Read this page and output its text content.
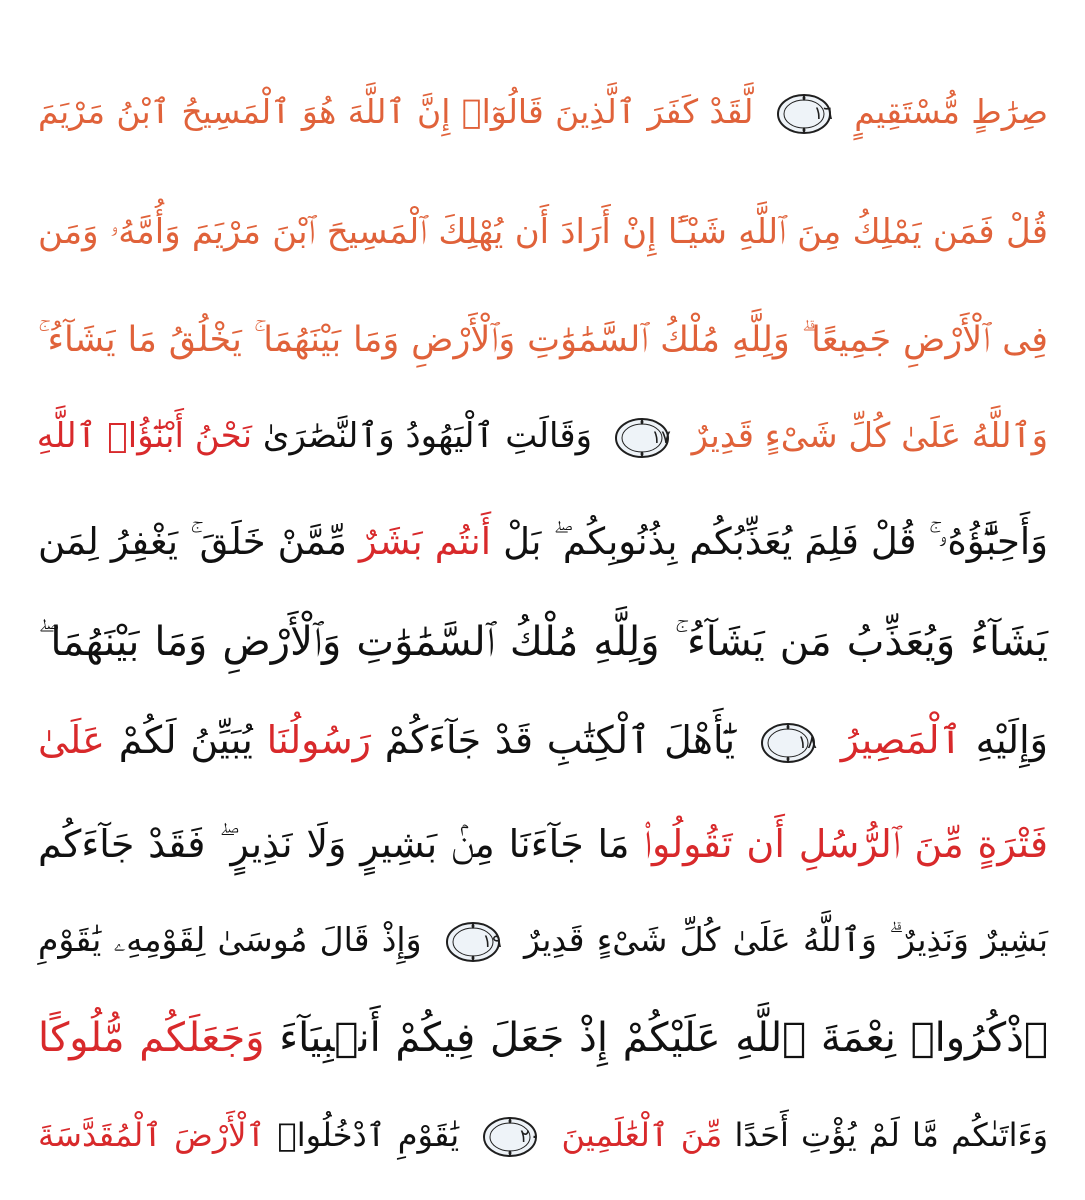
صِرَٰطٍ مُّسْتَقِيمٍ
١٦
لَّقَدْ كَفَرَ ٱلَّذِينَ قَالُوٓا۟ إِنَّ ٱللَّهَ هُوَ ٱلْمَسِيحُ ٱبْنُ مَرْيَمَ
قُلْ فَمَن يَمْلِكُ مِنَ ٱللَّهِ شَيْـًٔا إِنْ أَرَادَ أَن يُهْلِكَ ٱلْمَسِيحَ ٱبْنَ مَرْيَمَ وَأُمَّهُۥ وَمَن
فِى ٱلْأَرْضِ جَمِيعًا ۗ وَلِلَّهِ مُلْكُ ٱلسَّمَٰوَٰتِ وَٱلْأَرْضِ وَمَا بَيْنَهُمَا ۚ يَخْلُقُ مَا يَشَآءُ ۚ
وَٱللَّهُ عَلَىٰ كُلِّ شَىْءٍ قَدِيرٌ
١٧
وَقَالَتِ ٱلْيَهُودُ وَٱلنَّصَٰرَىٰ نَحْنُ أَبْنَٰٓؤُا۟ ٱللَّهِ
وَأَحِبَّٰٓؤُهُۥ ۚ قُلْ فَلِمَ يُعَذِّبُكُم بِذُنُوبِكُم ۖ بَلْ أَنتُم بَشَرٌ مِّمَّنْ خَلَقَ ۚ يَغْفِرُ لِمَن
يَشَآءُ وَيُعَذِّبُ مَن يَشَآءُ ۚ وَلِلَّهِ مُلْكُ ٱلسَّمَٰوَٰتِ وَٱلْأَرْضِ وَمَا بَيْنَهُمَا ۖ
وَإِلَيْهِ ٱلْمَصِيرُ
١٨
يَٰٓأَهْلَ ٱلْكِتَٰبِ قَدْ جَآءَكُمْ رَسُولُنَا يُبَيِّنُ لَكُمْ عَلَىٰ
فَتْرَةٍ مِّنَ ٱلرُّسُلِ أَن تَقُولُوا۟ مَا جَآءَنَا مِنۢ بَشِيرٍ وَلَا نَذِيرٍ ۖ فَقَدْ جَآءَكُم
بَشِيرٌ وَنَذِيرٌ ۗ وَٱللَّهُ عَلَىٰ كُلِّ شَىْءٍ قَدِيرٌ
١٩
وَإِذْ قَالَ مُوسَىٰ لِقَوْمِهِۦ يَٰقَوْمِ
ٱذْكُرُوا۟ نِعْمَةَ ٱللَّهِ عَلَيْكُمْ إِذْ جَعَلَ فِيكُمْ أَنۢبِيَآءَ وَجَعَلَكُم مُّلُوكًا
وَءَاتَىٰكُم مَّا لَمْ يُؤْتِ أَحَدًا مِّنَ ٱلْعَٰلَمِينَ
٢٠
يَٰقَوْمِ ٱدْخُلُوا۟ ٱلْأَرْضَ ٱلْمُقَدَّسَةَ
